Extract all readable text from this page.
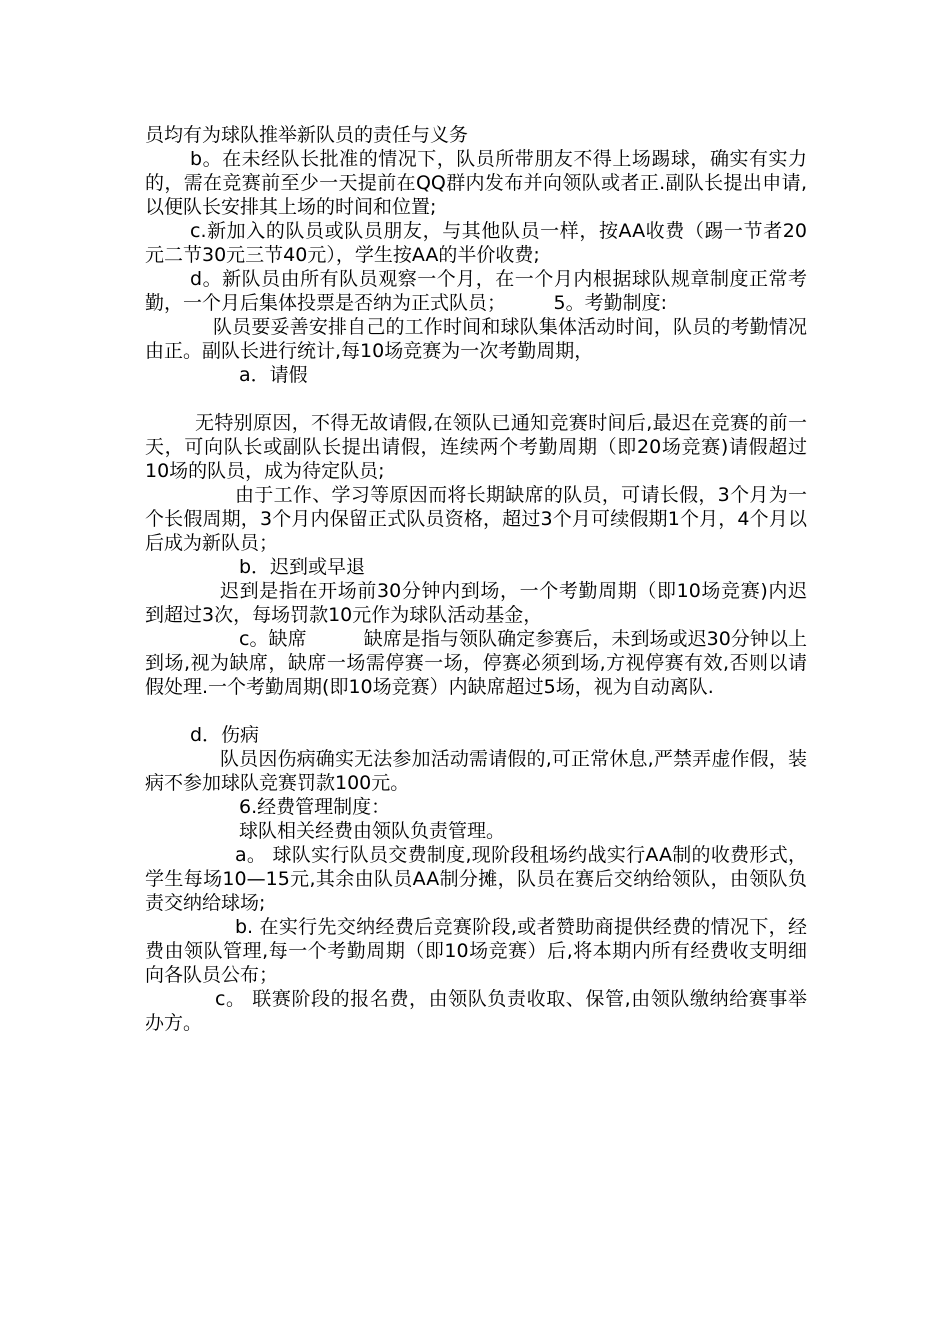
员均有为球队推举新队员的责任与义务

b。在未经队长批准的情况下，队员所带朋友不得上场踢球，确实有实力的，需在竞赛前至少一天提前在QQ群内发布并向领队或者正.副队长提出申请,以便队长安排其上场的时间和位置;

c.新加入的队员或队员朋友，与其他队员一样，按AA收费（踢一节者20元二节30元三节40元），学生按AA的半价收费;

d。新队员由所有队员观察一个月，在一个月内根据球队规章制度正常考勤，一个月后集体投票是否纳为正式队员；　　　5。考勤制度:

队员要妥善安排自己的工作时间和球队集体活动时间，队员的考勤情况由正。副队长进行统计,每10场竞赛为一次考勤周期，

a．请假

无特别原因，不得无故请假,在领队已通知竞赛时间后,最迟在竞赛的前一天，可向队长或副队长提出请假，连续两个考勤周期（即20场竞赛)请假超过10场的队员，成为待定队员;

由于工作、学习等原因而将长期缺席的队员，可请长假，3个月为一个长假周期，3个月内保留正式队员资格，超过3个月可续假期1个月，4个月以后成为新队员；

b．迟到或早退

迟到是指在开场前30分钟内到场，一个考勤周期（即10场竞赛)内迟到超过3次，每场罚款10元作为球队活动基金，

c。缺席　　　缺席是指与领队确定参赛后，未到场或迟30分钟以上到场,视为缺席，缺席一场需停赛一场，停赛必须到场,方视停赛有效,否则以请假处理.一个考勤周期(即10场竞赛）内缺席超过5场，视为自动离队.

d．伤病

队员因伤病确实无法参加活动需请假的,可正常休息,严禁弄虚作假，装病不参加球队竞赛罚款100元。

6.经费管理制度：

球队相关经费由领队负责管理。

a。 球队实行队员交费制度,现阶段租场约战实行AA制的收费形式，学生每场10—15元,其余由队员AA制分摊，队员在赛后交纳给领队，由领队负责交纳给球场;

b. 在实行先交纳经费后竞赛阶段,或者赞助商提供经费的情况下，经费由领队管理,每一个考勤周期（即10场竞赛）后,将本期内所有经费收支明细向各队员公布；

c。 联赛阶段的报名费，由领队负责收取、保管,由领队缴纳给赛事举办方。
